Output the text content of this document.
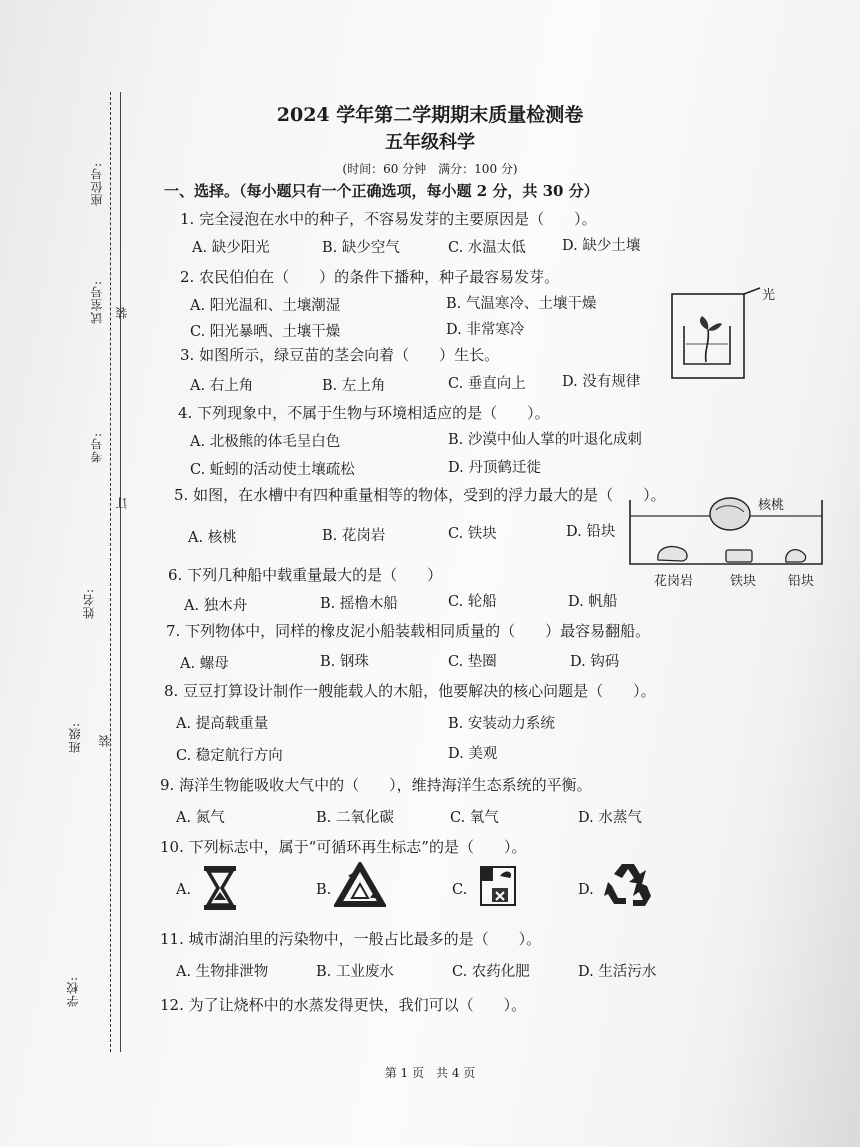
座位号:
试室号:
考号:
姓名:
班级:
学校:
装
订
装
2024 学年第二学期期末质量检测卷
五年级科学
(时间：60 分钟　满分：100 分)
一、选择。（每小题只有一个正确选项，每小题 2 分，共 30 分）
1. 完全浸泡在水中的种子，不容易发芽的主要原因是（　　）。
A. 缺少阳光	B. 缺少空气	C. 水温太低 D. 缺少土壤
2. 农民伯伯在（　　）的条件下播种，种子最容易发芽。
A. 阳光温和、土壤潮湿	B. 气温寒冷、土壤干燥
C. 阳光暴晒、土壤干燥	D. 非常寒冷
光
3. 如图所示，绿豆苗的茎会向着（　　）生长。
A. 右上角	B. 左上角	C. 垂直向上 D. 没有规律
4. 下列现象中，不属于生物与环境相适应的是（　　）。
A. 北极熊的体毛呈白色	B. 沙漠中仙人掌的叶退化成刺
C. 蚯蚓的活动使土壤疏松	D. 丹顶鹤迁徙
5. 如图，在水槽中有四种重量相等的物体，受到的浮力最大的是（　　）。
A. 核桃	B. 花岗岩	C. 铁块	D. 铅块
核桃
花岗岩	铁块 铅块
6. 下列几种船中载重量最大的是（　　）
A. 独木舟	B. 摇橹木船	C. 轮船	D. 帆船
7. 下列物体中，同样的橡皮泥小船装载相同质量的（　　）最容易翻船。
A. 螺母	B. 钢珠	C. 垫圈	D. 钩码
8. 豆豆打算设计制作一艘能载人的木船，他要解决的核心问题是（　　）。
A. 提高载重量	B. 安装动力系统
C. 稳定航行方向	D. 美观
9. 海洋生物能吸收大气中的（　　），维持海洋生态系统的平衡。
A. 氮气	B. 二氧化碳	C. 氧气	D. 水蒸气
10. 下列标志中，属于“可循环再生标志”的是（　　）。
A.	B.	C.	D.
11. 城市湖泊里的污染物中，一般占比最多的是（　　）。
A. 生物排泄物	B. 工业废水	C. 农药化肥	D. 生活污水
12. 为了让烧杯中的水蒸发得更快，我们可以（　　）。
第 1 页　共 4 页
